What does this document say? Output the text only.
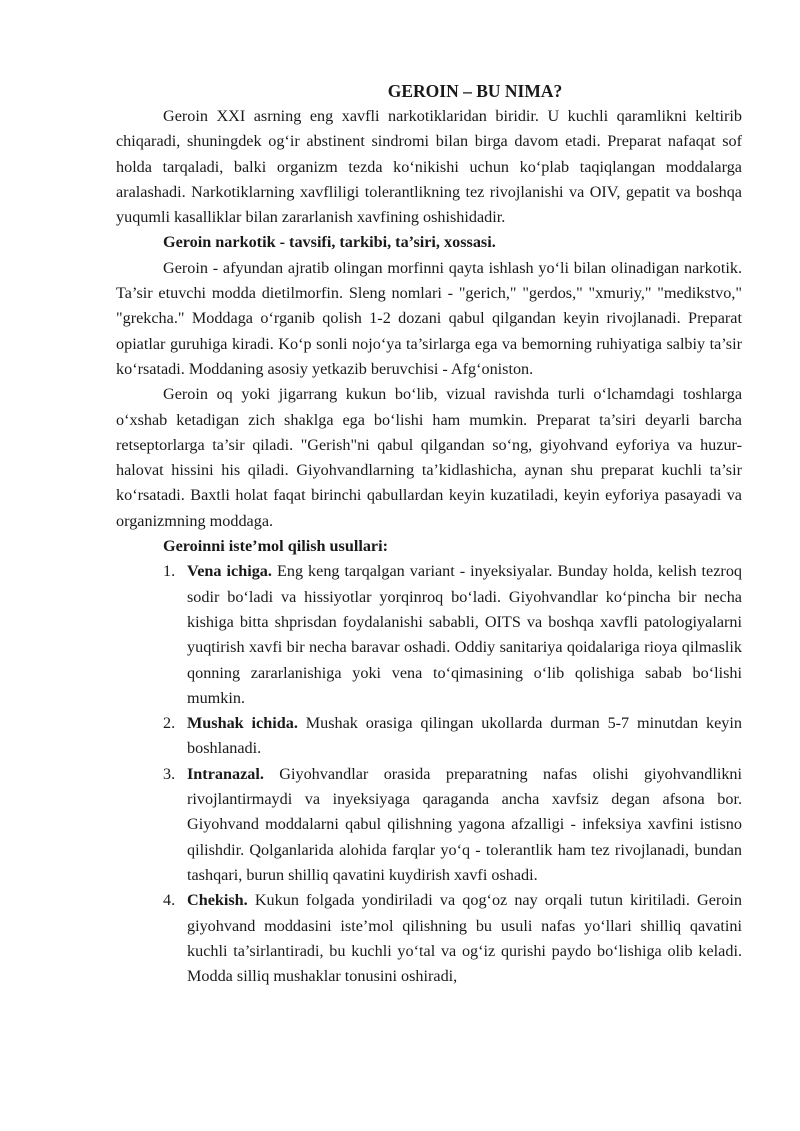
GEROIN – BU NIMA?

Geroin XXI asrning eng xavfli narkotiklaridan biridir. U kuchli qaramlikni keltirib chiqaradi, shuningdek ogʻir abstinent sindromi bilan birga davom etadi. Preparat nafaqat sof holda tarqaladi, balki organizm tezda koʻnikishi uchun koʻplab taqiqlangan moddalarga aralashadi. Narkotiklarning xavfliligi tolerantlikning tez rivojlanishi va OIV, gepatit va boshqa yuqumli kasalliklar bilan zararlanish xavfining oshishidadir.

Geroin narkotik - tavsifi, tarkibi, ta’siri, xossasi.

Geroin - afyundan ajratib olingan morfinni qayta ishlash yoʻli bilan olinadigan narkotik. Ta’sir etuvchi modda dietilmorfin. Sleng nomlari - "gerich," "gerdos," "xmuriy," "medikstvo," "grekcha." Moddaga oʻrganib qolish 1-2 dozani qabul qilgandan keyin rivojlanadi. Preparat opiatlar guruhiga kiradi. Koʻp sonli nojoʻya ta’sirlarga ega va bemorning ruhiyatiga salbiy ta’sir koʻrsatadi. Moddaning asosiy yetkazib beruvchisi - Afgʻoniston.

Geroin oq yoki jigarrang kukun boʻlib, vizual ravishda turli oʻlchamdagi toshlarga oʻxshab ketadigan zich shaklga ega boʻlishi ham mumkin. Preparat ta’siri deyarli barcha retseptorlarga ta’sir qiladi. "Gerish"ni qabul qilgandan soʻng, giyohvand eyforiya va huzur-halovat hissini his qiladi. Giyohvandlarning ta’kidlashicha, aynan shu preparat kuchli ta’sir koʻrsatadi. Baxtli holat faqat birinchi qabullardan keyin kuzatiladi, keyin eyforiya pasayadi va organizmning moddaga.

Geroinni iste’mol qilish usullari:
1. Vena ichiga. Eng keng tarqalgan variant - inyeksiyalar. Bunday holda, kelish tezroq sodir boʻladi va hissiyotlar yorqinroq boʻladi. Giyohvandlar koʻpincha bir necha kishiga bitta shprisdan foydalanishi sababli, OITS va boshqa xavfli patologiyalarni yuqtirish xavfi bir necha baravar oshadi. Oddiy sanitariya qoidalariga rioya qilmaslik qonning zararlanishiga yoki vena toʻqimasining oʻlib qolishiga sabab boʻlishi mumkin.
2. Mushak ichida. Mushak orasiga qilingan ukollarda durman 5-7 minutdan keyin boshlanadi.
3. Intranazal. Giyohvandlar orasida preparatning nafas olishi giyohvandlikni rivojlantirmaydi va inyeksiyaga qaraganda ancha xavfsiz degan afsona bor. Giyohvand moddalarni qabul qilishning yagona afzalligi - infeksiya xavfini istisno qilishdir. Qolganlarida alohida farqlar yoʻq - tolerantlik ham tez rivojlanadi, bundan tashqari, burun shilliq qavatini kuydirish xavfi oshadi.
4. Chekish. Kukun folgada yondiriladi va qogʻoz nay orqali tutun kiritiladi. Geroin giyohvand moddasini iste’mol qilishning bu usuli nafas yoʻllari shilliq qavatini kuchli ta’sirlantiradi, bu kuchli yoʻtal va ogʻiz qurishi paydo boʻlishiga olib keladi. Modda silliq mushaklar tonusini oshiradi,
